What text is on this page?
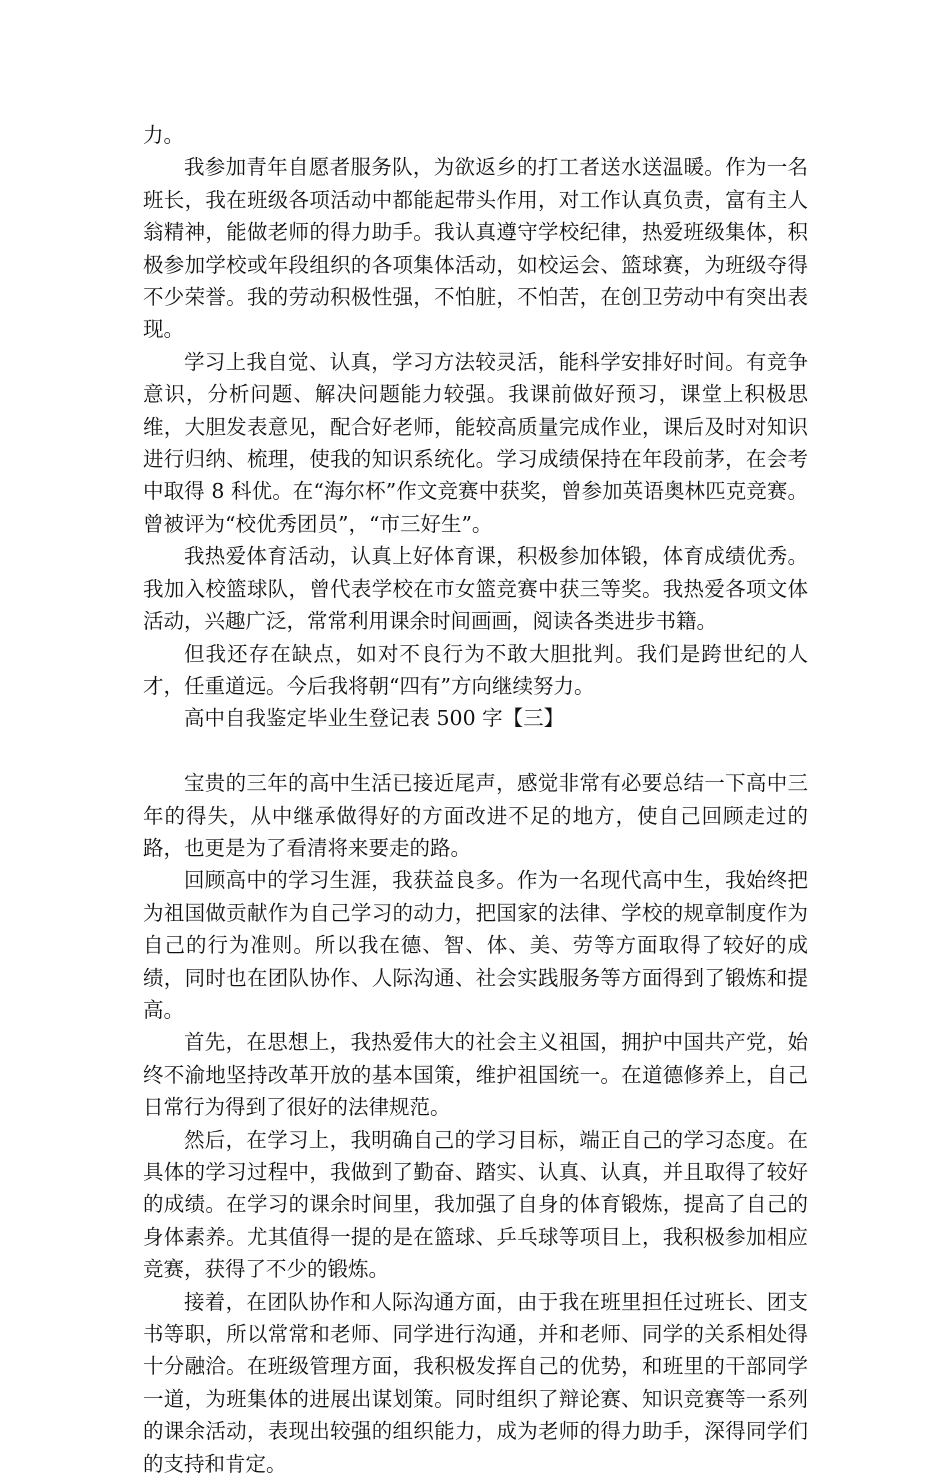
力。

我参加青年自愿者服务队，为欲返乡的打工者送水送温暖。作为一名班长，我在班级各项活动中都能起带头作用，对工作认真负责，富有主人翁精神，能做老师的得力助手。我认真遵守学校纪律，热爱班级集体，积极参加学校或年段组织的各项集体活动，如校运会、篮球赛，为班级夺得不少荣誉。我的劳动积极性强，不怕脏，不怕苦，在创卫劳动中有突出表现。

学习上我自觉、认真，学习方法较灵活，能科学安排好时间。有竞争意识，分析问题、解决问题能力较强。我课前做好预习，课堂上积极思维，大胆发表意见，配合好老师，能较高质量完成作业，课后及时对知识进行归纳、梳理，使我的知识系统化。学习成绩保持在年段前茅，在会考中取得 8 科优。在“海尔杯”作文竞赛中获奖，曾参加英语奥林匹克竞赛。曾被评为“校优秀团员”，“市三好生”。

我热爱体育活动，认真上好体育课，积极参加体锻，体育成绩优秀。我加入校篮球队，曾代表学校在市女篮竞赛中获三等奖。我热爱各项文体活动，兴趣广泛，常常利用课余时间画画，阅读各类进步书籍。

但我还存在缺点，如对不良行为不敢大胆批判。我们是跨世纪的人才，任重道远。今后我将朝“四有”方向继续努力。

高中自我鉴定毕业生登记表 500 字【三】

宝贵的三年的高中生活已接近尾声，感觉非常有必要总结一下高中三年的得失，从中继承做得好的方面改进不足的地方，使自己回顾走过的路，也更是为了看清将来要走的路。

回顾高中的学习生涯，我获益良多。作为一名现代高中生，我始终把为祖国做贡献作为自己学习的动力，把国家的法律、学校的规章制度作为自己的行为准则。所以我在德、智、体、美、劳等方面取得了较好的成绩，同时也在团队协作、人际沟通、社会实践服务等方面得到了锻炼和提高。

首先，在思想上，我热爱伟大的社会主义祖国，拥护中国共产党，始终不渝地坚持改革开放的基本国策，维护祖国统一。在道德修养上，自己日常行为得到了很好的法律规范。

然后，在学习上，我明确自己的学习目标，端正自己的学习态度。在具体的学习过程中，我做到了勤奋、踏实、认真、认真，并且取得了较好的成绩。在学习的课余时间里，我加强了自身的体育锻炼，提高了自己的身体素养。尤其值得一提的是在篮球、乒乓球等项目上，我积极参加相应竞赛，获得了不少的锻炼。

接着，在团队协作和人际沟通方面，由于我在班里担任过班长、团支书等职，所以常常和老师、同学进行沟通，并和老师、同学的关系相处得十分融洽。在班级管理方面，我积极发挥自己的优势，和班里的干部同学一道，为班集体的进展出谋划策。同时组织了辩论赛、知识竞赛等一系列的课余活动，表现出较强的组织能力，成为老师的得力助手，深得同学们的支持和肯定。
